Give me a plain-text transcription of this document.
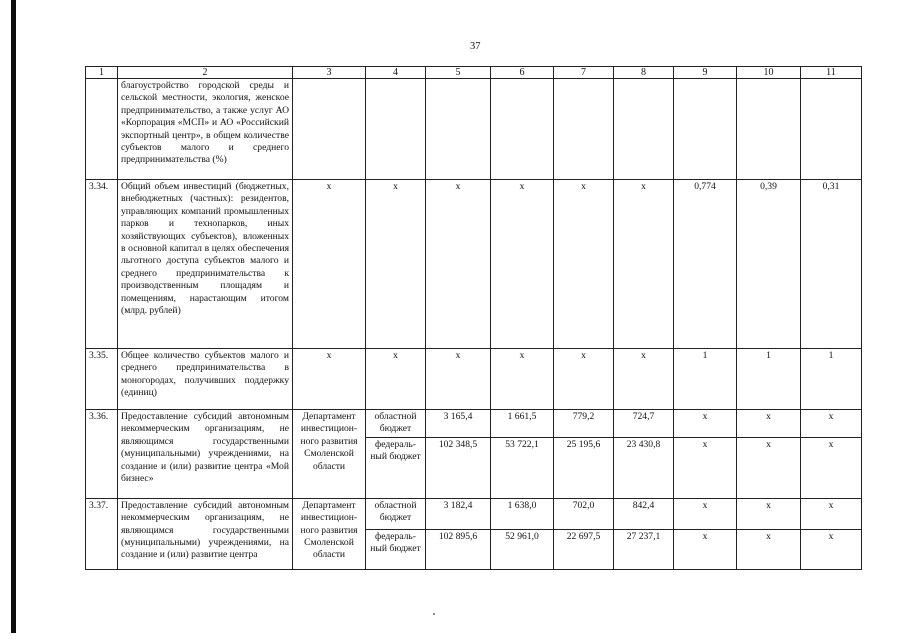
37
1	2	3	4	5	6	7	8	9	10	11
	благоустройство городской среды и сельской местности, экология, женское предпринимательство, а также услуг АО «Корпорация «МСП» и АО «Российский экспортный центр», в общем количестве субъектов малого и среднего предпринимательства (%)									
3.34.	Общий объем инвестиций (бюджетных, внебюджетных (частных): резидентов, управляющих компаний промышленных парков и технопарков, иных хозяйствующих субъектов), вложенных в основной капитал в целях обеспечения льготного доступа субъектов малого и среднего предпринимательства к производственным площадям и помещениям, нарастающим итогом (млрд. рублей)	х	х	х	х	х	х	0,774	0,39	0,31
3.35.	Общее количество субъектов малого и среднего предпринимательства в моногородах, получивших поддержку (единиц)	х	х	х	х	х	х	1	1	1
3.36.	Предоставление субсидий автономным некоммерческим организациям, не являющимся государственными (муниципальными) учреждениями, на создание и (или) развитие центра «Мой бизнес»	Департамент инвестицион-ного развития Смоленской области	областной бюджет	3 165,4	1 661,5	779,2	724,7	х	х	х
			федераль-ный бюджет	102 348,5	53 722,1	25 195,6	23 430,8	х	х	х
3.37.	Предоставление субсидий автономным некоммерческим организациям, не являющимся государственными (муниципальными) учреждениями, на создание и (или) развитие центра	Департамент инвестицион-ного развития Смоленской области	областной бюджет	3 182,4	1 638,0	702,0	842,4	х	х	х
			федераль-ный бюджет	102 895,6	52 961,0	22 697,5	27 237,1	х	х	х
